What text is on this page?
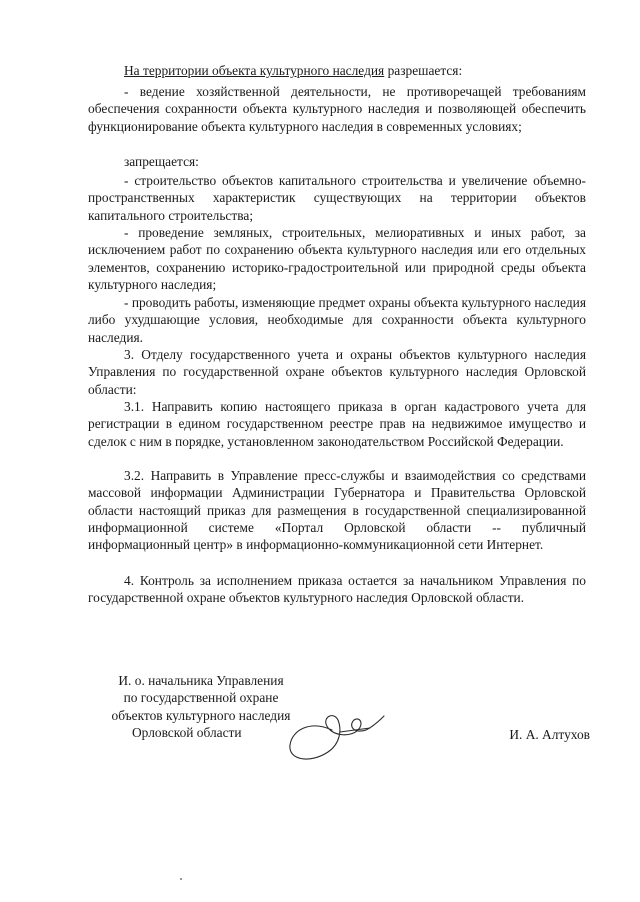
На территории объекта культурного наследия разрешается:

- ведение хозяйственной деятельности, не противоречащей требованиям обеспечения сохранности объекта культурного наследия и позволяющей обеспечить функционирование объекта культурного наследия в современных условиях;

запрещается:

- строительство объектов капитального строительства и увеличение объемно-пространственных характеристик существующих на территории объектов капитального строительства;

- проведение земляных, строительных, мелиоративных и иных работ, за исключением работ по сохранению объекта культурного наследия или его отдельных элементов, сохранению историко-градостроительной или природной среды объекта культурного наследия;

- проводить работы, изменяющие предмет охраны объекта культурного наследия либо ухудшающие условия, необходимые для сохранности объекта культурного наследия.

3. Отделу государственного учета и охраны объектов культурного наследия Управления по государственной охране объектов культурного наследия Орловской области:

3.1. Направить копию настоящего приказа в орган кадастрового учета для регистрации в едином государственном реестре прав на недвижимое имущество и сделок с ним в порядке, установленном законодательством Российской Федерации.

3.2. Направить в Управление пресс-службы и взаимодействия со средствами массовой информации Администрации Губернатора и Правительства Орловской области настоящий приказ для размещения в государственной специализированной информационной системе «Портал Орловской области -- публичный информационный центр» в информационно-коммуникационной сети Интернет.

4. Контроль за исполнением приказа остается за начальником Управления по государственной охране объектов культурного наследия Орловской области.

И. о. начальника Управления
по государственной охране
объектов культурного наследия
Орловской области	И. А. Алтухов
